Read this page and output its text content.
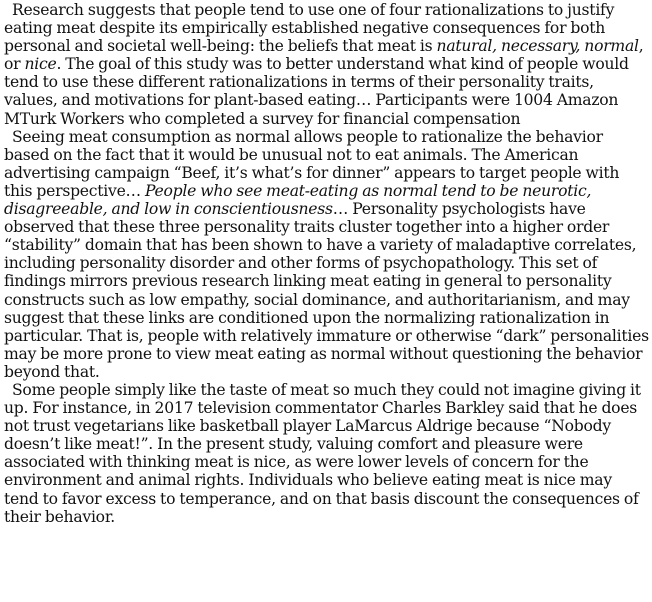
Research suggests that people tend to use one of four rationalizations to justify eating meat despite its empirically established negative consequences for both personal and societal well-being: the beliefs that meat is natural, necessary, normal, or nice. The goal of this study was to better understand what kind of people would tend to use these different rationalizations in terms of their personality traits, values, and motivations for plant-based eating… Participants were 1004 Amazon MTurk Workers who completed a survey for financial compensation

Seeing meat consumption as normal allows people to rationalize the behavior based on the fact that it would be unusual not to eat animals. The American advertising campaign “Beef, it’s what’s for dinner” appears to target people with this perspective… People who see meat-eating as normal tend to be neurotic, disagreeable, and low in conscientiousness… Personality psychologists have observed that these three personality traits cluster together into a higher order “stability” domain that has been shown to have a variety of maladaptive correlates, including personality disorder and other forms of psychopathology. This set of findings mirrors previous research linking meat eating in general to personality constructs such as low empathy, social dominance, and authoritarianism, and may suggest that these links are conditioned upon the normalizing rationalization in particular. That is, people with relatively immature or otherwise “dark” personalities may be more prone to view meat eating as normal without questioning the behavior beyond that.

Some people simply like the taste of meat so much they could not imagine giving it up. For instance, in 2017 television commentator Charles Barkley said that he does not trust vegetarians like basketball player LaMarcus Aldrige because “Nobody doesn’t like meat!”. In the present study, valuing comfort and pleasure were associated with thinking meat is nice, as were lower levels of concern for the environment and animal rights. Individuals who believe eating meat is nice may tend to favor excess to temperance, and on that basis discount the consequences of their behavior.
